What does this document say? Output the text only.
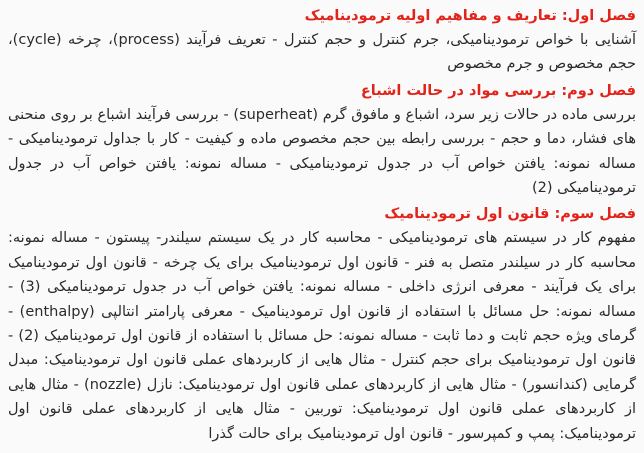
فصل اول: تعاریف و مفاهیم اولیه ترمودینامیک

آشنایی با خواص ترمودینامیکی، جرم کنترل و حجم کنترل - تعریف فرآیند (process)، چرخه (cycle)، حجم مخصوص و جرم مخصوص

فصل دوم: بررسی مواد در حالت اشباع

بررسی ماده در حالات زیر سرد، اشباع و مافوق گرم (superheat) - بررسی فرآیند اشباع بر روی منحنی های فشار، دما و حجم - بررسی رابطه بین حجم مخصوص ماده و کیفیت - کار با جداول ترمودینامیکی - مساله نمونه: یافتن خواص آب در جدول ترمودینامیکی - مساله نمونه: یافتن خواص آب در جدول ترمودینامیکی (2)

فصل سوم: قانون اول ترمودینامیک

مفهوم کار در سیستم های ترمودینامیکی - محاسبه کار در یک سیستم سیلندر- پیستون - مساله نمونه: محاسبه کار در سیلندر متصل به فنر - قانون اول ترمودینامیک برای یک چرخه - قانون اول ترمودینامیک برای یک فرآیند - معرفی انرژی داخلی - مساله نمونه: یافتن خواص آب در جدول ترمودینامیکی (3) - مساله نمونه: حل مسائل با استفاده از قانون اول ترمودینامیک - معرفی پارامتر انتالپی (enthalpy) - گرمای ویژه حجم ثابت و دما ثابت - مساله نمونه: حل مسائل با استفاده از قانون اول ترمودینامیک (2) - قانون اول ترمودینامیک برای حجم کنترل - مثال هایی از کاربردهای عملی قانون اول ترمودینامیک: مبدل گرمایی (کندانسور) - مثال هایی از کاربردهای عملی قانون اول ترمودینامیک: نازل (nozzle) - مثال هایی از کاربردهای عملی قانون اول ترمودینامیک: توربین - مثال هایی از کاربردهای عملی قانون اول ترمودینامیک: پمپ و کمپرسور - قانون اول ترمودینامیک برای حالت گذرا
